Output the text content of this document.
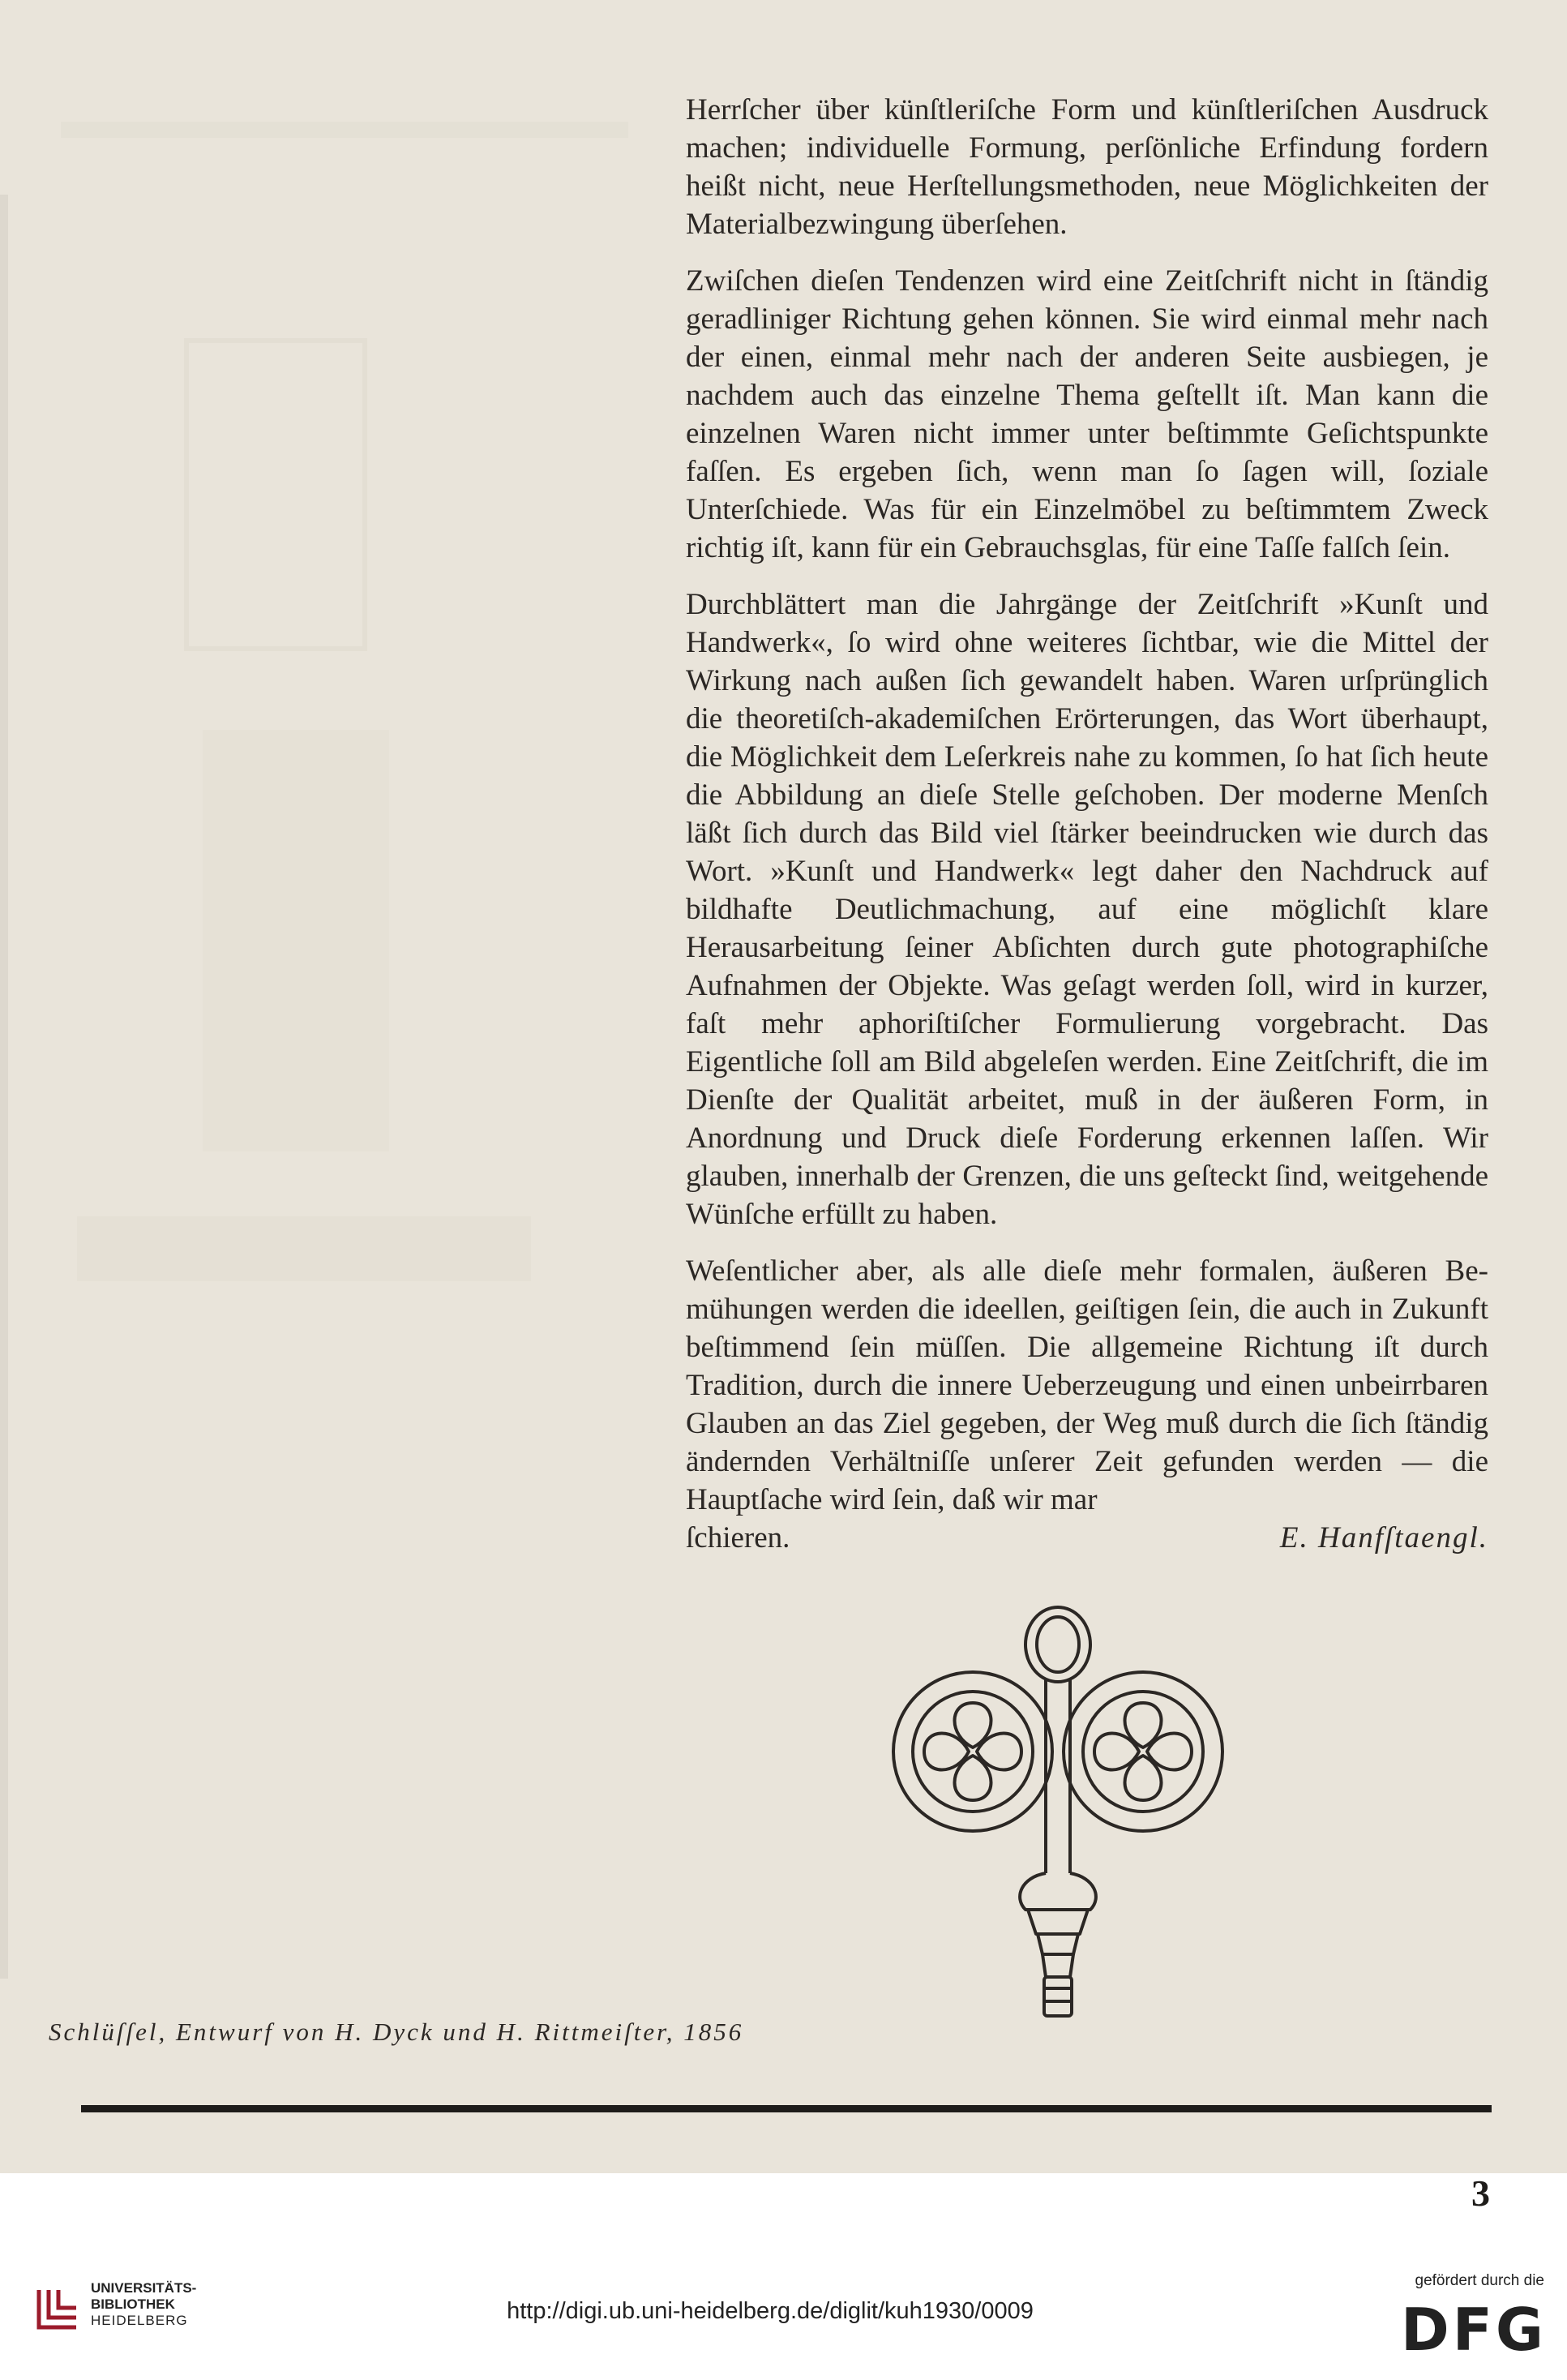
Herrſcher über künſtleriſche Form und künſtleriſchen Ausdruck machen; individuelle Formung, perſönliche Erfindung fordern heißt nicht, neue Herſtellungsmethoden, neue Möglichkeiten der Materialbezwingung überſehen.

Zwiſchen dieſen Tendenzen wird eine Zeitſchrift nicht in ſtändig geradliniger Richtung gehen können. Sie wird einmal mehr nach der einen, einmal mehr nach der anderen Seite ausbiegen, je nachdem auch das einzelne Thema geſtellt iſt. Man kann die einzelnen Waren nicht immer unter beſtimmte Geſichtspunkte faſſen. Es ergeben ſich, wenn man ſo ſagen will, ſoziale Unterſchiede. Was für ein Einzelmöbel zu beſtimmtem Zweck richtig iſt, kann für ein Gebrauchsglas, für eine Taſſe falſch ſein.

Durchblättert man die Jahrgänge der Zeitſchrift »Kunſt und Handwerk«, ſo wird ohne weiteres ſichtbar, wie die Mittel der Wirkung nach außen ſich gewandelt haben. Waren urſprünglich die theoretiſch-akademiſchen Erörterungen, das Wort überhaupt, die Möglichkeit dem Leſerkreis nahe zu kommen, ſo hat ſich heute die Abbildung an dieſe Stelle geſchoben. Der moderne Menſch läßt ſich durch das Bild viel ſtärker beeindrucken wie durch das Wort. »Kunſt und Handwerk« legt daher den Nachdruck auf bildhafte Deutlichmachung, auf eine möglichſt klare Herausarbeitung ſeiner Abſichten durch gute photographiſche Aufnahmen der Objekte. Was geſagt werden ſoll, wird in kurzer, faſt mehr aphoriſtiſcher Formulierung vorgebracht. Das Eigentliche ſoll am Bild abgeleſen werden. Eine Zeitſchrift, die im Dienſte der Qualität arbeitet, muß in der äußeren Form, in Anordnung und Druck dieſe Forderung erkennen laſſen. Wir glauben, innerhalb der Grenzen, die uns geſteckt ſind, weitgehende Wünſche erfüllt zu haben.

Weſentlicher aber, als alle dieſe mehr formalen, äußeren Bemühungen werden die ideellen, geiſtigen ſein, die auch in Zukunft beſtimmend ſein müſſen. Die allgemeine Richtung iſt durch Tradition, durch die innere Ueberzeugung und einen unbeirrbaren Glauben an das Ziel gegeben, der Weg muß durch die ſich ſtändig ändernden Verhältniſſe unſerer Zeit gefunden werden — die Hauptſache wird ſein, daß wir mar

ſchieren.	E. Hanfſtaengl.
Schlüſſel, Entwurf von H. Dyck und H. Rittmeiſter, 1856
3
UNIVERSITÄTS-
BIBLIOTHEK
HEIDELBERG	http://digi.ub.uni-heidelberg.de/diglit/kuh1930/0009
gefördert durch die
DFG
